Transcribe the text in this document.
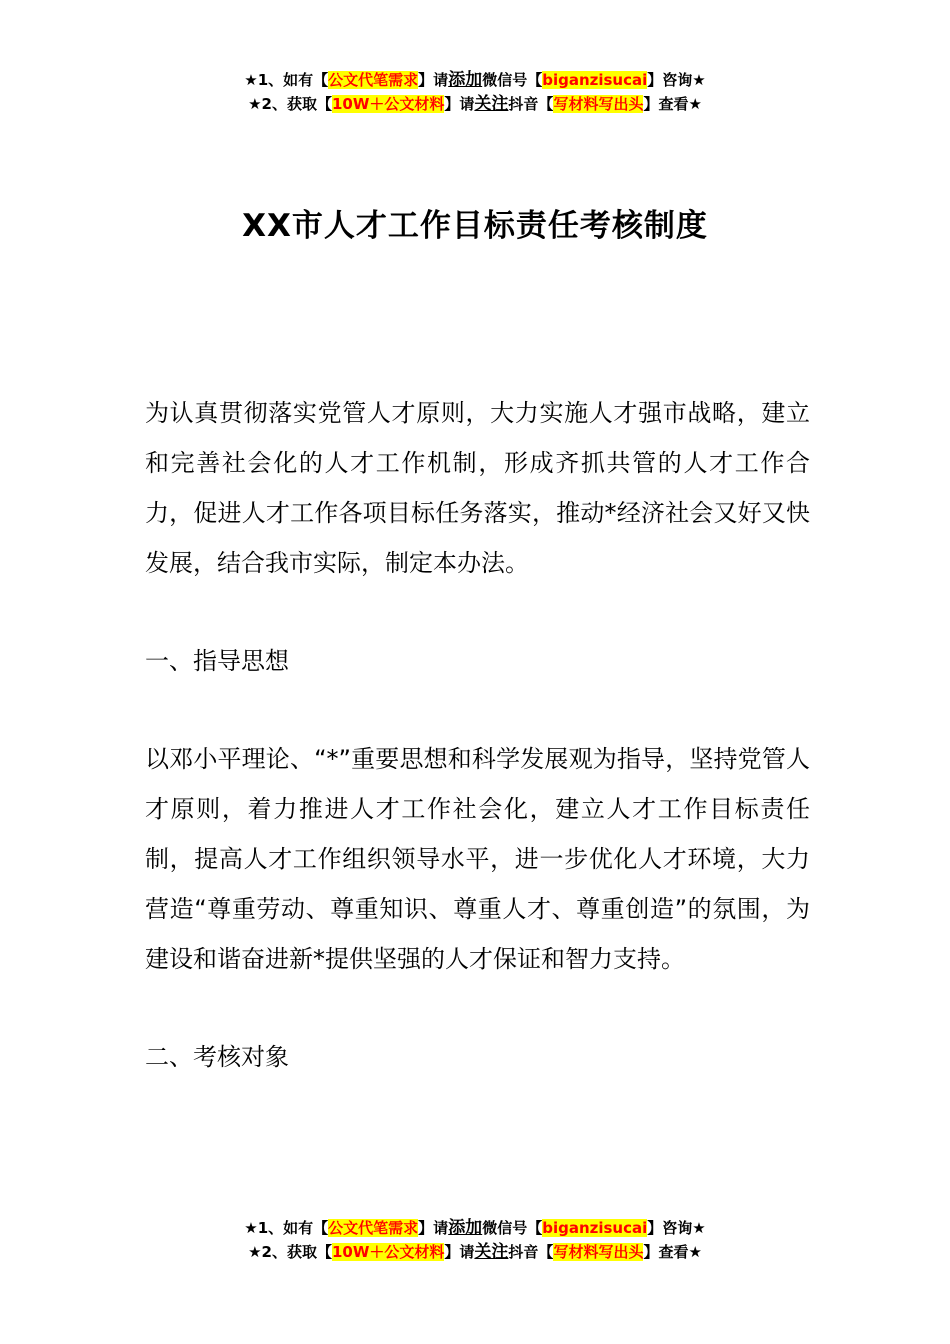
★1、如有【公文代笔需求】请添加微信号【biganzisucai】咨询★
★2、获取【10W＋公文材料】请关注抖音【写材料写出头】查看★
XX市人才工作目标责任考核制度

为认真贯彻落实党管人才原则，大力实施人才强市战略，建立和完善社会化的人才工作机制，形成齐抓共管的人才工作合力，促进人才工作各项目标任务落实，推动*经济社会又好又快发展，结合我市实际，制定本办法。

一、指导思想

以邓小平理论、“*”重要思想和科学发展观为指导，坚持党管人才原则，着力推进人才工作社会化，建立人才工作目标责任制，提高人才工作组织领导水平，进一步优化人才环境，大力营造“尊重劳动、尊重知识、尊重人才、尊重创造”的氛围，为建设和谐奋进新*提供坚强的人才保证和智力支持。

二、考核对象

★1、如有【公文代笔需求】请添加微信号【biganzisucai】咨询★
★2、获取【10W＋公文材料】请关注抖音【写材料写出头】查看★
